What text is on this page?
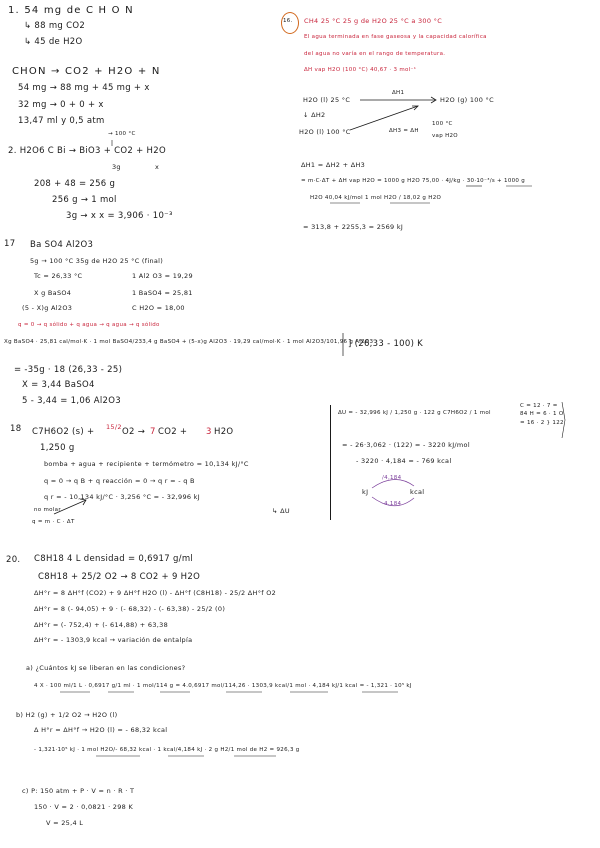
1. 54 mg de C H O N
↳ 88 mg CO2
↳ 45 de H2O
CHON → CO2 + H2O + N
54 mg → 88 mg + 45 mg + x
32 mg → 0 + 0 + x
13,47 ml y 0,5 atm
→ 100 °C
2. H2O6 C Bi → BiO3 + CO2 + H2O
3g	x
208 + 48 = 256 g
256 g → 1 mol
3g → x x = 3,906 · 10⁻³
17 Ba SO4 Al2O3
5g → 100 °C 35g de H2O 25 °C (final)
Tc = 26,33 °C	1 Al2 O3 = 19,29
X g BaSO4	1 BaSO4 = 25,81
(5 - X)g Al2O3	C H2O = 18,00
q = 0 → q sólido + q agua → q agua → q sólido
Xg BaSO4 · 25,81 cal/mol·K · 1 mol BaSO4/233,4 g BaSO4 + (5-x)g Al2O3 · 19,29 cal/mol·K · 1 mol Al2O3/101,96 g Al2O3
] (26,33 - 100) K
= -35g · 18 (26,33 - 25)
X = 3,44 BaSO4
5 - 3,44 = 1,06 Al2O3
18 C7H6O2 (s) + 15/2 O2 → 7 CO2 + 3 H2O
1,250 g
bomba + agua + recipiente + termómetro = 10,134 kJ/°C
q = 0 → q B + q reacción = 0 → q r = - q B
q r = - 10,134 kJ/°C · 3,256 °C = - 32,996 kJ
↳ ΔU
no molar
q = m · C · ΔT
ΔU = - 32,996 kJ / 1,250 g · 122 g C7H6O2 / 1 mol
C = 12 · 7 = 84 H = 6 · 1 O = 16 · 2 } 122
= - 26·3,062 · (122) = - 3220 kJ/mol
- 3220 · 4,184 = - 769 kcal
kJ	kcal
/4,184
·4,184
16. CH4 25 °C 25 g de H2O 25 °C a 300 °C
El agua terminada en fase gaseosa y la capacidad calorífica
del agua no varía en el rango de temperatura.
ΔH vap H2O (100 °C) 40,67 · 3 mol⁻¹
H2O (l) 25 °C
ΔH1
H2O (g) 100 °C
↓ ΔH2
H2O (l) 100 °C	ΔH3 = ΔH
100 °C
vap H2O
ΔH1 = ΔH2 + ΔH3
= m·C·ΔT + ΔH vap H2O = 1000 g H2O 75,00 · 4J/kg · 30·10⁻³/s + 1000 g
H2O 40,04 kJ/mol 1 mol H2O / 18,02 g H2O
= 313,8 + 2255,3 = 2569 kJ
20. C8H18 4 L densidad = 0,6917 g/ml
C8H18 + 25/2 O2 → 8 CO2 + 9 H2O
ΔH°r = 8 ΔH°f (CO2) + 9 ΔH°f H2O (l) - ΔH°f (C8H18) - 25/2 ΔH°f O2
ΔH°r = 8 (- 94,05) + 9 · (- 68,32) - (- 63,38) - 25/2 (0)
ΔH°r = (- 752,4) + (- 614,88) + 63,38
ΔH°r = - 1303,9 kcal → variación de entalpía
a) ¿Cuántos kJ se liberan en las condiciones?
4 X · 100 ml/1 L · 0,6917 g/1 ml · 1 mol/114 g = 4.0,6917 mol/114,26 · 1303,9 kcal/1 mol · 4,184 kJ/1 kcal = - 1,321 · 10⁵ kJ
b) H2 (g) + 1/2 O2 → H2O (l)
Δ H°r = ΔH°f → H2O (l) = - 68,32 kcal
- 1,321·10⁵ kJ · 1 mol H2O/- 68,32 kcal · 1 kcal/4,184 kJ · 2 g H2/1 mol de H2 = 926,3 g
c) P: 150 atm + P · V = n · R · T
150 · V = 2 · 0,0821 · 298 K
V = 25,4 L
